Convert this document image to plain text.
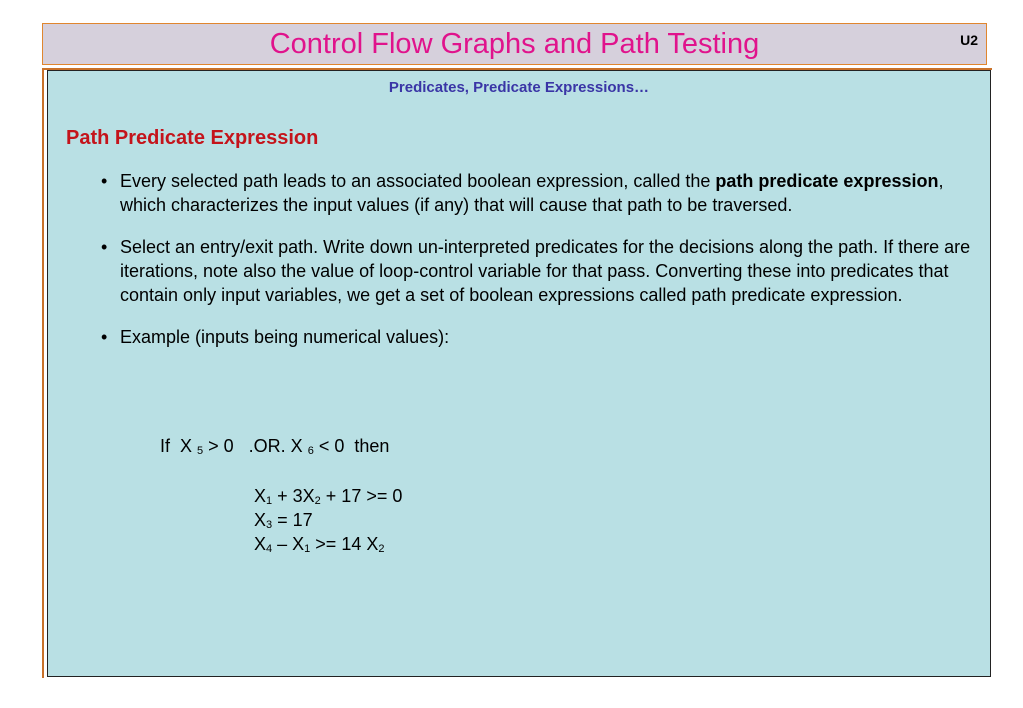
Control Flow Graphs and Path Testing	U2
Predicates, Predicate Expressions…
Path Predicate Expression
• Every selected path leads to an associated boolean expression, called the path predicate expression, which characterizes the input values (if any) that will cause that path to be traversed.
• Select an entry/exit path. Write down un-interpreted predicates for the decisions along the path. If there are iterations, note also the value of loop-control variable for that pass. Converting these into predicates that contain only input variables, we get a set of boolean expressions called path predicate expression.
• Example (inputs being numerical values):
If  X $_5$ > 0   .OR. X $_6$ < 0  then
$X_1 + 3X_2 + 17 >= 0$
$X_3 = 17$
$X_4 - X_1 >= 14$ $X_2$
